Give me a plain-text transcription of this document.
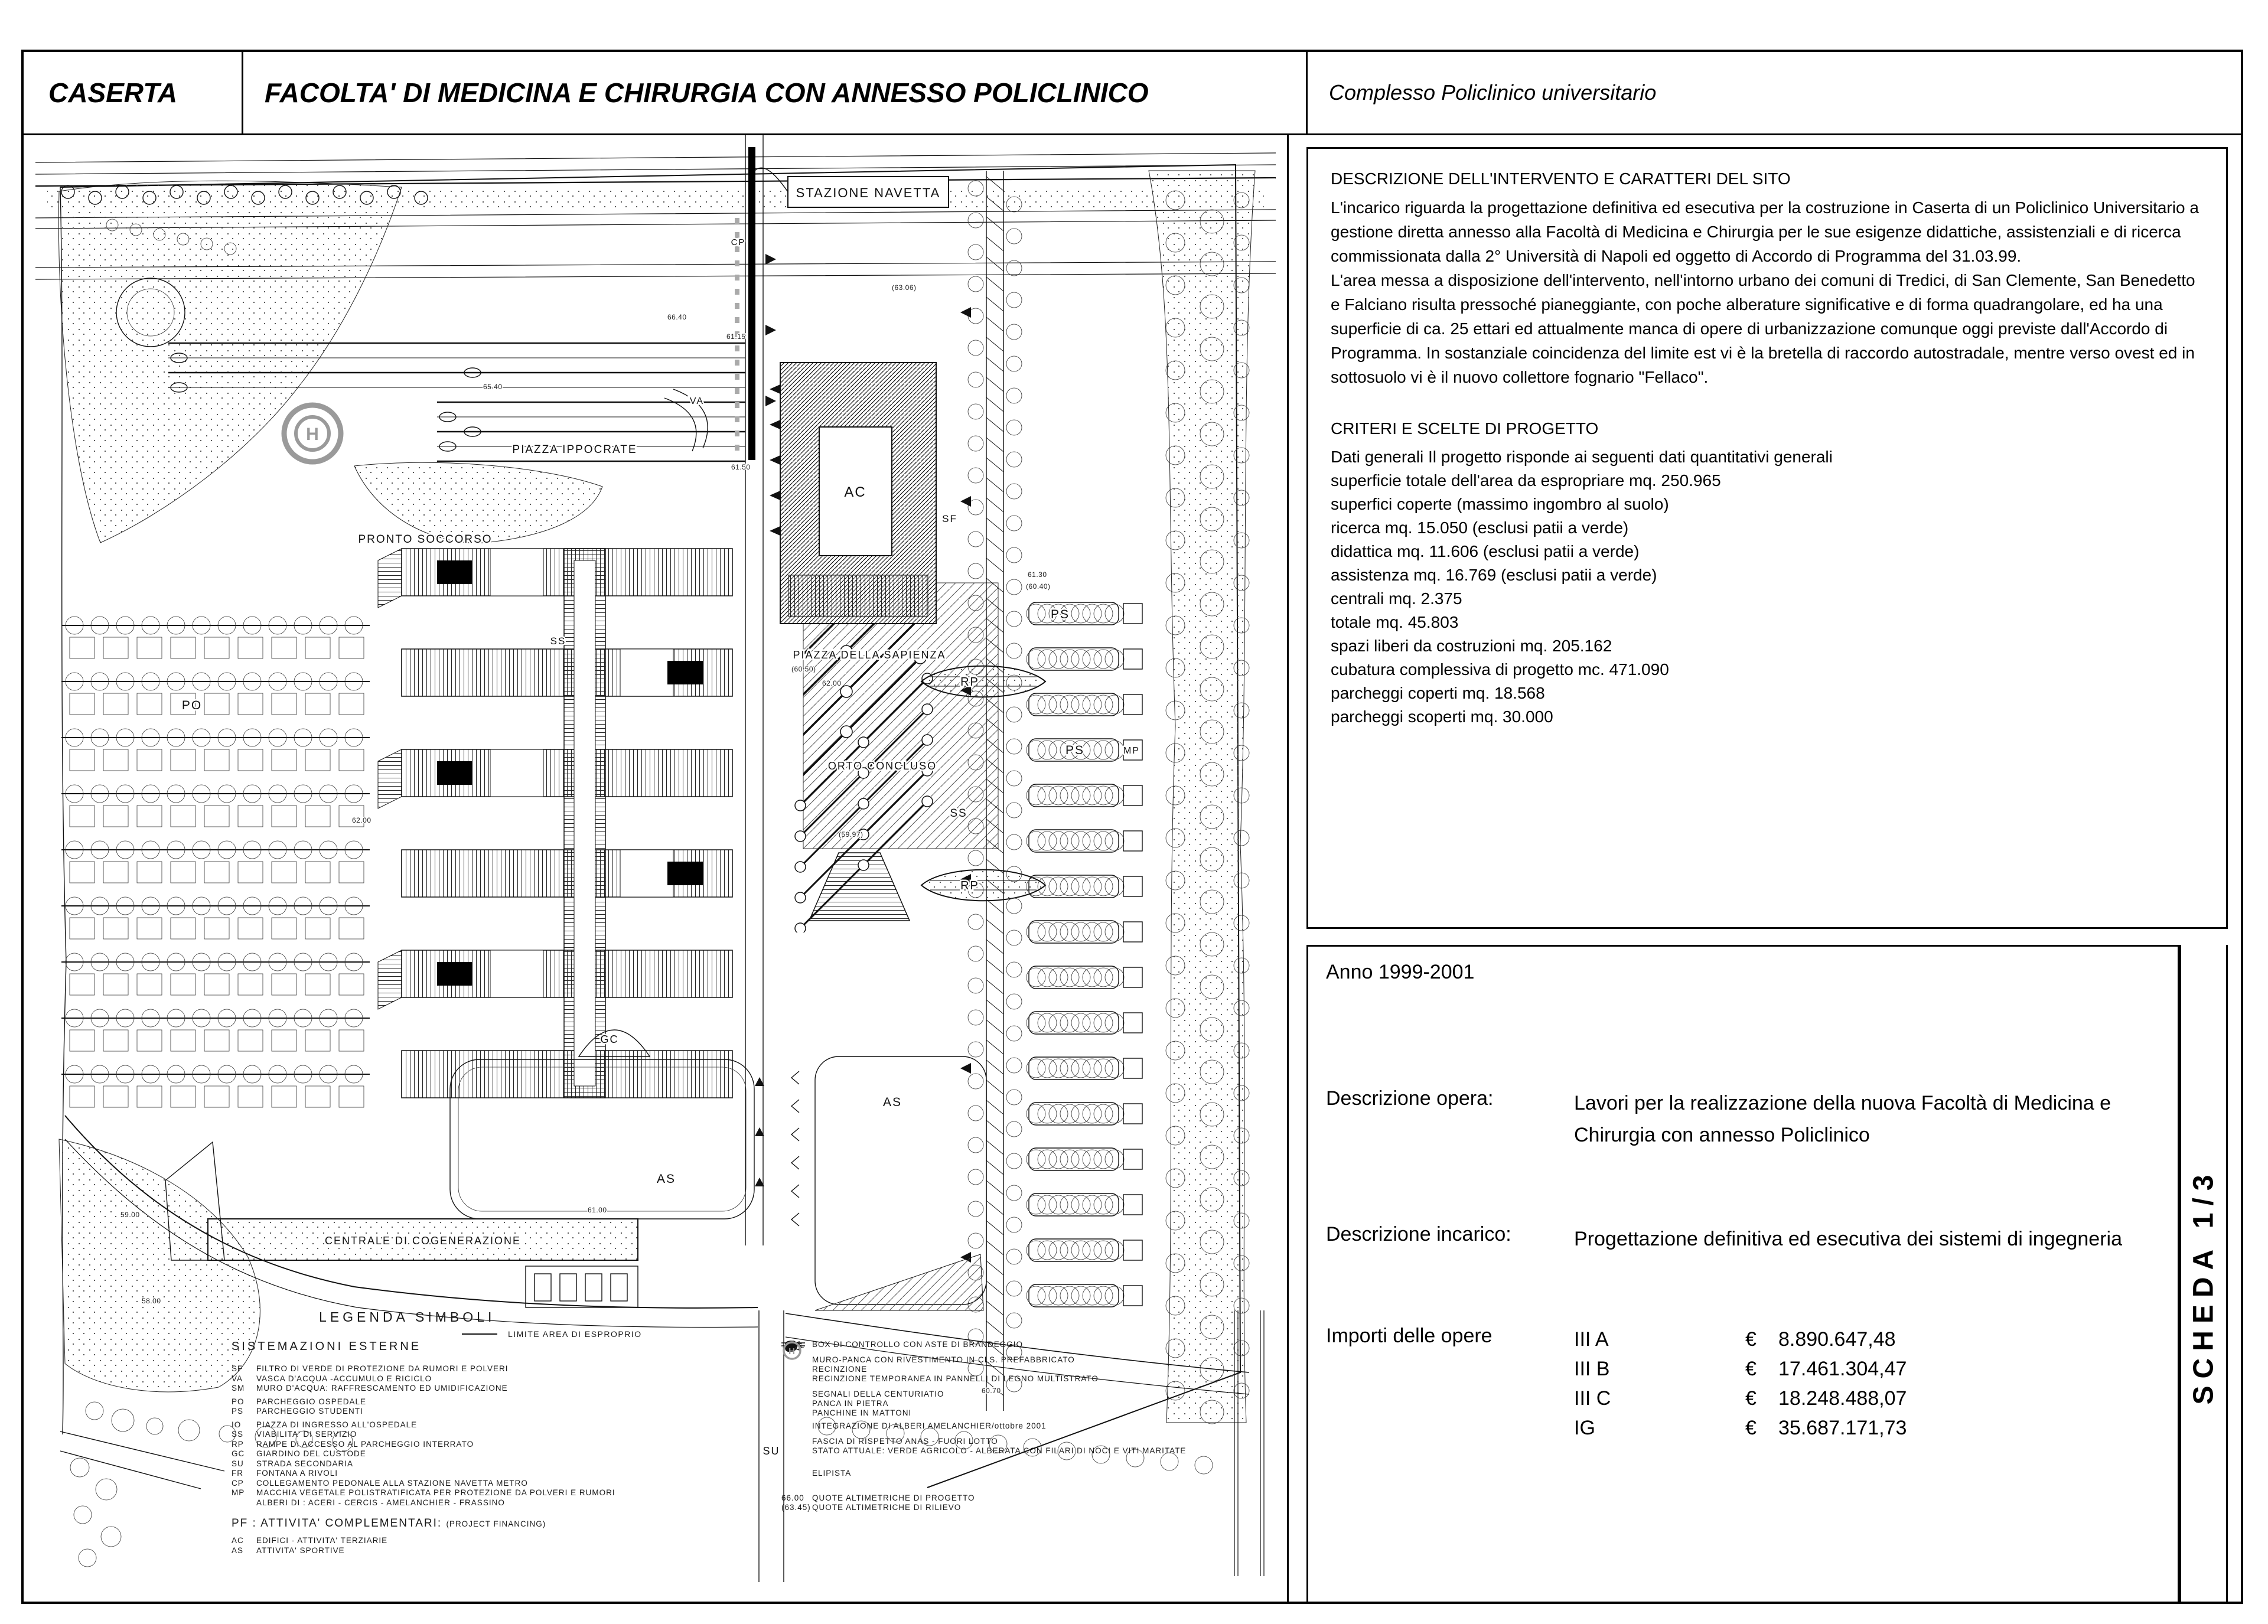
CASERTA	FACOLTA' DI MEDICINA E CHIRURGIA CON ANNESSO POLICLINICO	Complesso Policlinico universitario
STAZIONE NAVETTA
PIAZZA IPPOCRATE
PRONTO SOCCORSO
PIAZZA DELLA SAPIENZA
ORTO CONCLUSO
CENTRALE DI COGENERAZIONE
AC
VA
SF
PS
PS
PO
SS
SS
RP
RP
GC
SU
CP
MP
AS
AS
H
66.40
65.40
61.50
62.00
(60.50)
(59.97)
62.00
58.00
59.00
61.00
60.70
61.30
(60.40)
(63.06)
61.15
LEGENDA SIMBOLI
LIMITE AREA DI ESPROPRIO
SISTEMAZIONI ESTERNE
SF	FILTRO DI VERDE DI PROTEZIONE DA RUMORI E POLVERI
VA	VASCA D'ACQUA -ACCUMULO E RICICLO
SM	MURO D'ACQUA: RAFFRESCAMENTO ED UMIDIFICAZIONE
PO	PARCHEGGIO OSPEDALE
PS	PARCHEGGIO STUDENTI
IO	PIAZZA DI INGRESSO ALL'OSPEDALE
SS	VIABILITA' DI SERVIZIO
RP	RAMPE DI ACCESSO AL PARCHEGGIO INTERRATO
GC	GIARDINO DEL CUSTODE
SU	STRADA SECONDARIA
FR	FONTANA A RIVOLI
CP	COLLEGAMENTO PEDONALE ALLA STAZIONE NAVETTA METRO
MP	MACCHIA VEGETALE POLISTRATIFICATA PER PROTEZIONE DA POLVERI E RUMORI
ALBERI DI : ACERI - CERCIS - AMELANCHIER - FRASSINO
PF : ATTIVITA' COMPLEMENTARI: (PROJECT FINANCING)
AC	EDIFICI - ATTIVITA' TERZIARIE
AS	ATTIVITA' SPORTIVE
BOX DI CONTROLLO CON ASTE DI BRANDEGGIO
MURO-PANCA CON RIVESTIMENTO IN CLS. PREFABBRICATO
RECINZIONE
RECINZIONE TEMPORANEA IN PANNELLI DI LEGNO MULTISTRATO
SEGNALI DELLA CENTURIATIO
PANCA IN PIETRA
PANCHINE IN MATTONI
INTEGRAZIONE DI ALBERI AMELANCHIER/ottobre 2001
FASCIA DI RISPETTO ANAS - FUORI LOTTO
STATO ATTUALE: VERDE AGRICOLO - ALBERATA CON FILARI DI NOCI E VITI MARITATE
H
ELIPISTA
66.00 QUOTE ALTIMETRICHE DI PROGETTO
(63.45) QUOTE ALTIMETRICHE DI RILIEVO
DESCRIZIONE DELL'INTERVENTO E CARATTERI DEL SITO

L'incarico riguarda la progettazione definitiva ed esecutiva per la costruzione in Caserta di un Policlinico Universitario a gestione diretta annesso alla Facoltà di Medicina e Chirurgia per le sue esigenze didattiche, assistenziali e di ricerca commissionata dalla 2° Università di Napoli ed oggetto di Accordo di Programma del 31.03.99.

L'area messa a disposizione dell'intervento, nell'intorno urbano dei comuni di Tredici, di San Clemente, San Benedetto e Falciano risulta pressoché pianeggiante, con poche alberature significative e di forma quadrangolare, ed ha una superficie di ca. 25 ettari ed attualmente manca di opere di urbanizzazione comunque oggi previste dall'Accordo di Programma. In sostanziale coincidenza del limite est vi è la bretella di raccordo autostradale, mentre verso ovest ed in sottosuolo vi è il nuovo collettore fognario "Fellaco".

CRITERI E SCELTE DI PROGETTO
Dati generali Il progetto risponde ai seguenti dati quantitativi generali
superficie totale dell'area da espropriare mq. 250.965
superfici coperte (massimo ingombro al suolo)
ricerca mq. 15.050 (esclusi patii a verde)
didattica mq. 11.606 (esclusi patii a verde)
assistenza mq. 16.769 (esclusi patii a verde)
centrali mq. 2.375
totale mq. 45.803
spazi liberi da costruzioni mq. 205.162
cubatura complessiva di progetto mc. 471.090
parcheggi coperti mq. 18.568
parcheggi scoperti mq. 30.000
Anno 1999-2001
Descrizione opera:	Lavori per la realizzazione della nuova Facoltà di Medicina e Chirurgia con annesso Policlinico
Descrizione incarico:	Progettazione definitiva ed esecutiva dei sistemi di ingegneria
Importi delle opere	III A	€	8.890.647,48
III B	€	17.461.304,47
III C	€	18.248.488,07
IG	€	35.687.171,73
SCHEDA 1/3
